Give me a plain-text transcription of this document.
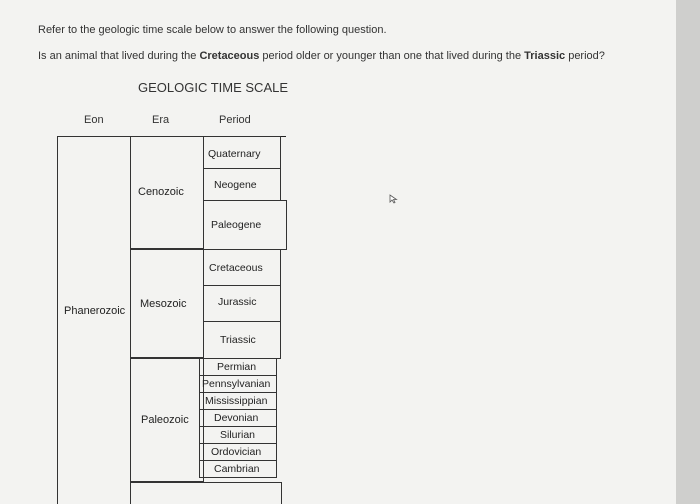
Refer to the geologic time scale below to answer the following question.
Is an animal that lived during the Cretaceous period older or younger than one that lived during the Triassic period?
GEOLOGIC TIME SCALE
Eon	Era	Period
Phanerozoic
Cenozoic
Mesozoic
Paleozoic
Quaternary
Neogene
Paleogene
Cretaceous
Jurassic
Triassic
Permian
Pennsylvanian
Mississippian
Devonian
Silurian
Ordovician
Cambrian
